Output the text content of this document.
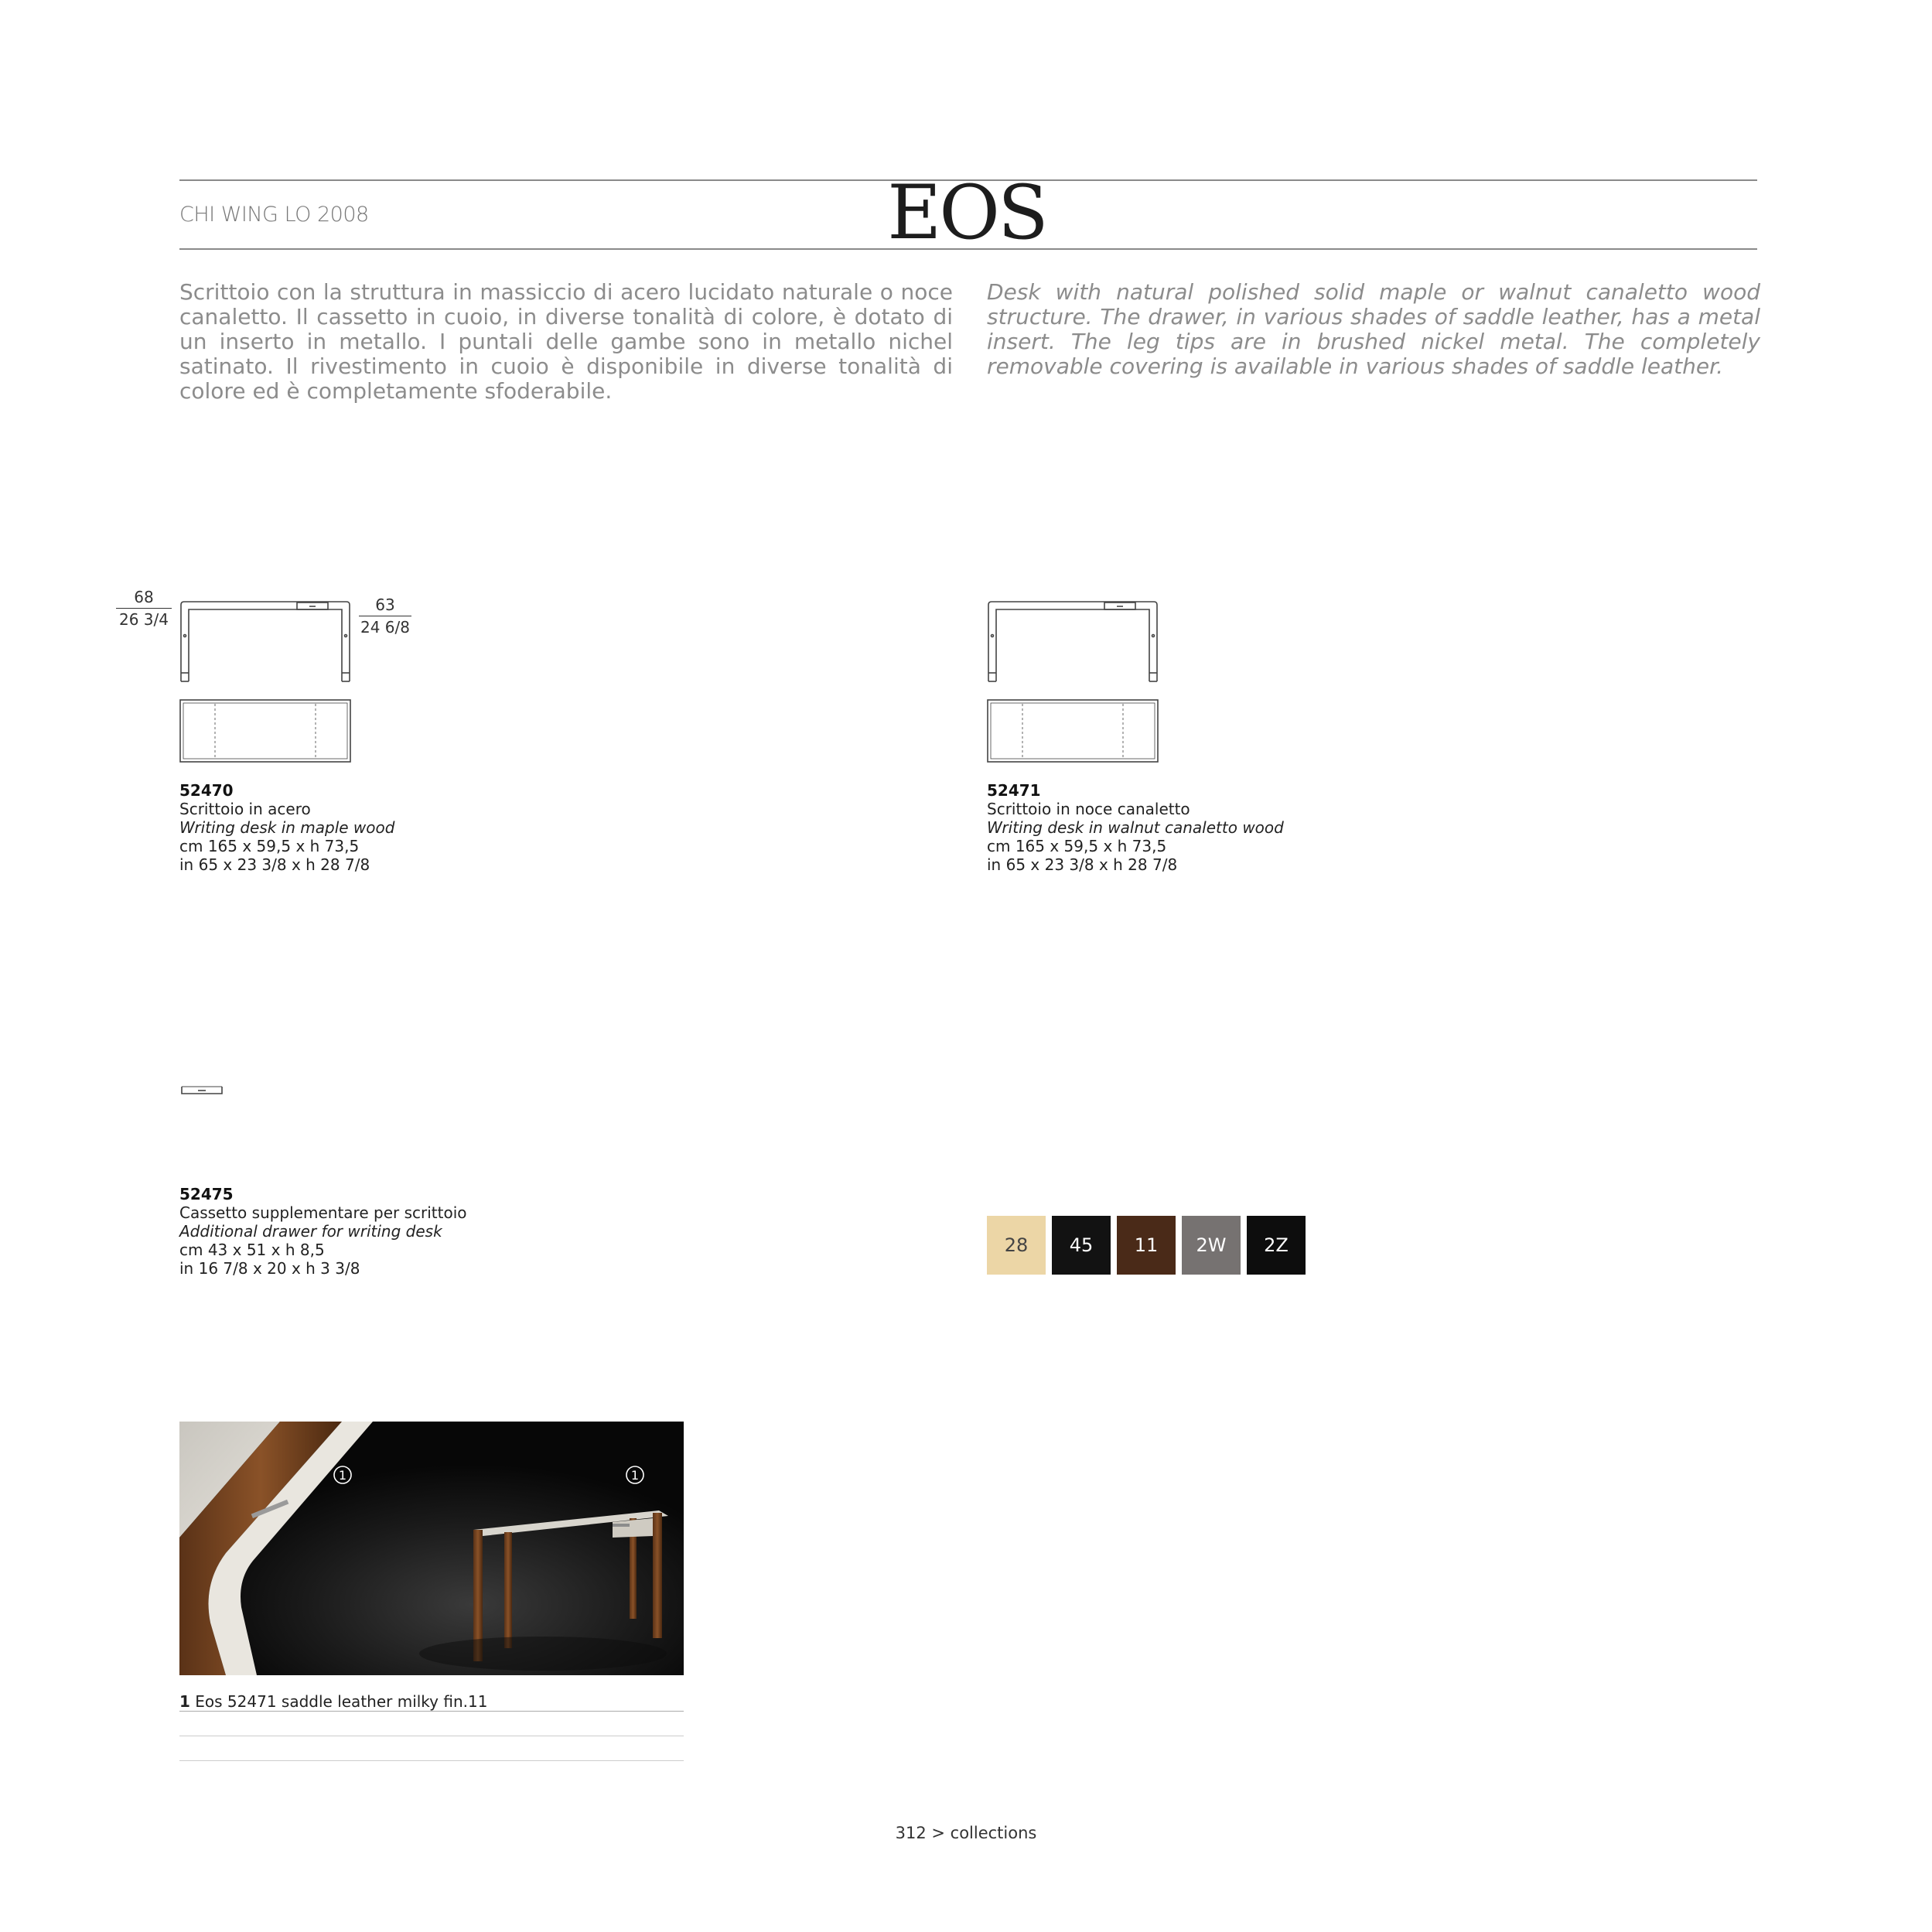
CHI WING LO 2008	EOS
Scrittoio con la struttura in massiccio di acero lucidato naturale o noce canaletto. Il cassetto in cuoio, in diverse tonalità di colore, è dotato di un inserto in metallo. I puntali delle gambe sono in metallo nichel satinato. Il rivestimento in cuoio è disponibile in diverse tonalità di colore ed è completamente sfoderabile.
Desk with natural polished solid maple or walnut canaletto wood structure. The drawer, in various shades of saddle leather, has a metal insert. The leg tips are in brushed nickel metal. The completely removable covering is available in various shades of saddle leather.
68
26 3/4
63
24 6/8
52470
Scrittoio in acero
Writing desk in maple wood
cm 165 x 59,5 x h 73,5
in 65 x 23 3/8 x h 28 7/8
52471
Scrittoio in noce canaletto
Writing desk in walnut canaletto wood
cm 165 x 59,5 x h 73,5
in 65 x 23 3/8 x h 28 7/8
52475
Cassetto supplementare per scrittoio
Additional drawer for writing desk
cm 43 x 51 x h 8,5
in 16 7/8 x 20 x h 3 3/8
28 45 11 2W 2Z
1	1
1 Eos 52471 saddle leather milky fin.11
312 > collections
